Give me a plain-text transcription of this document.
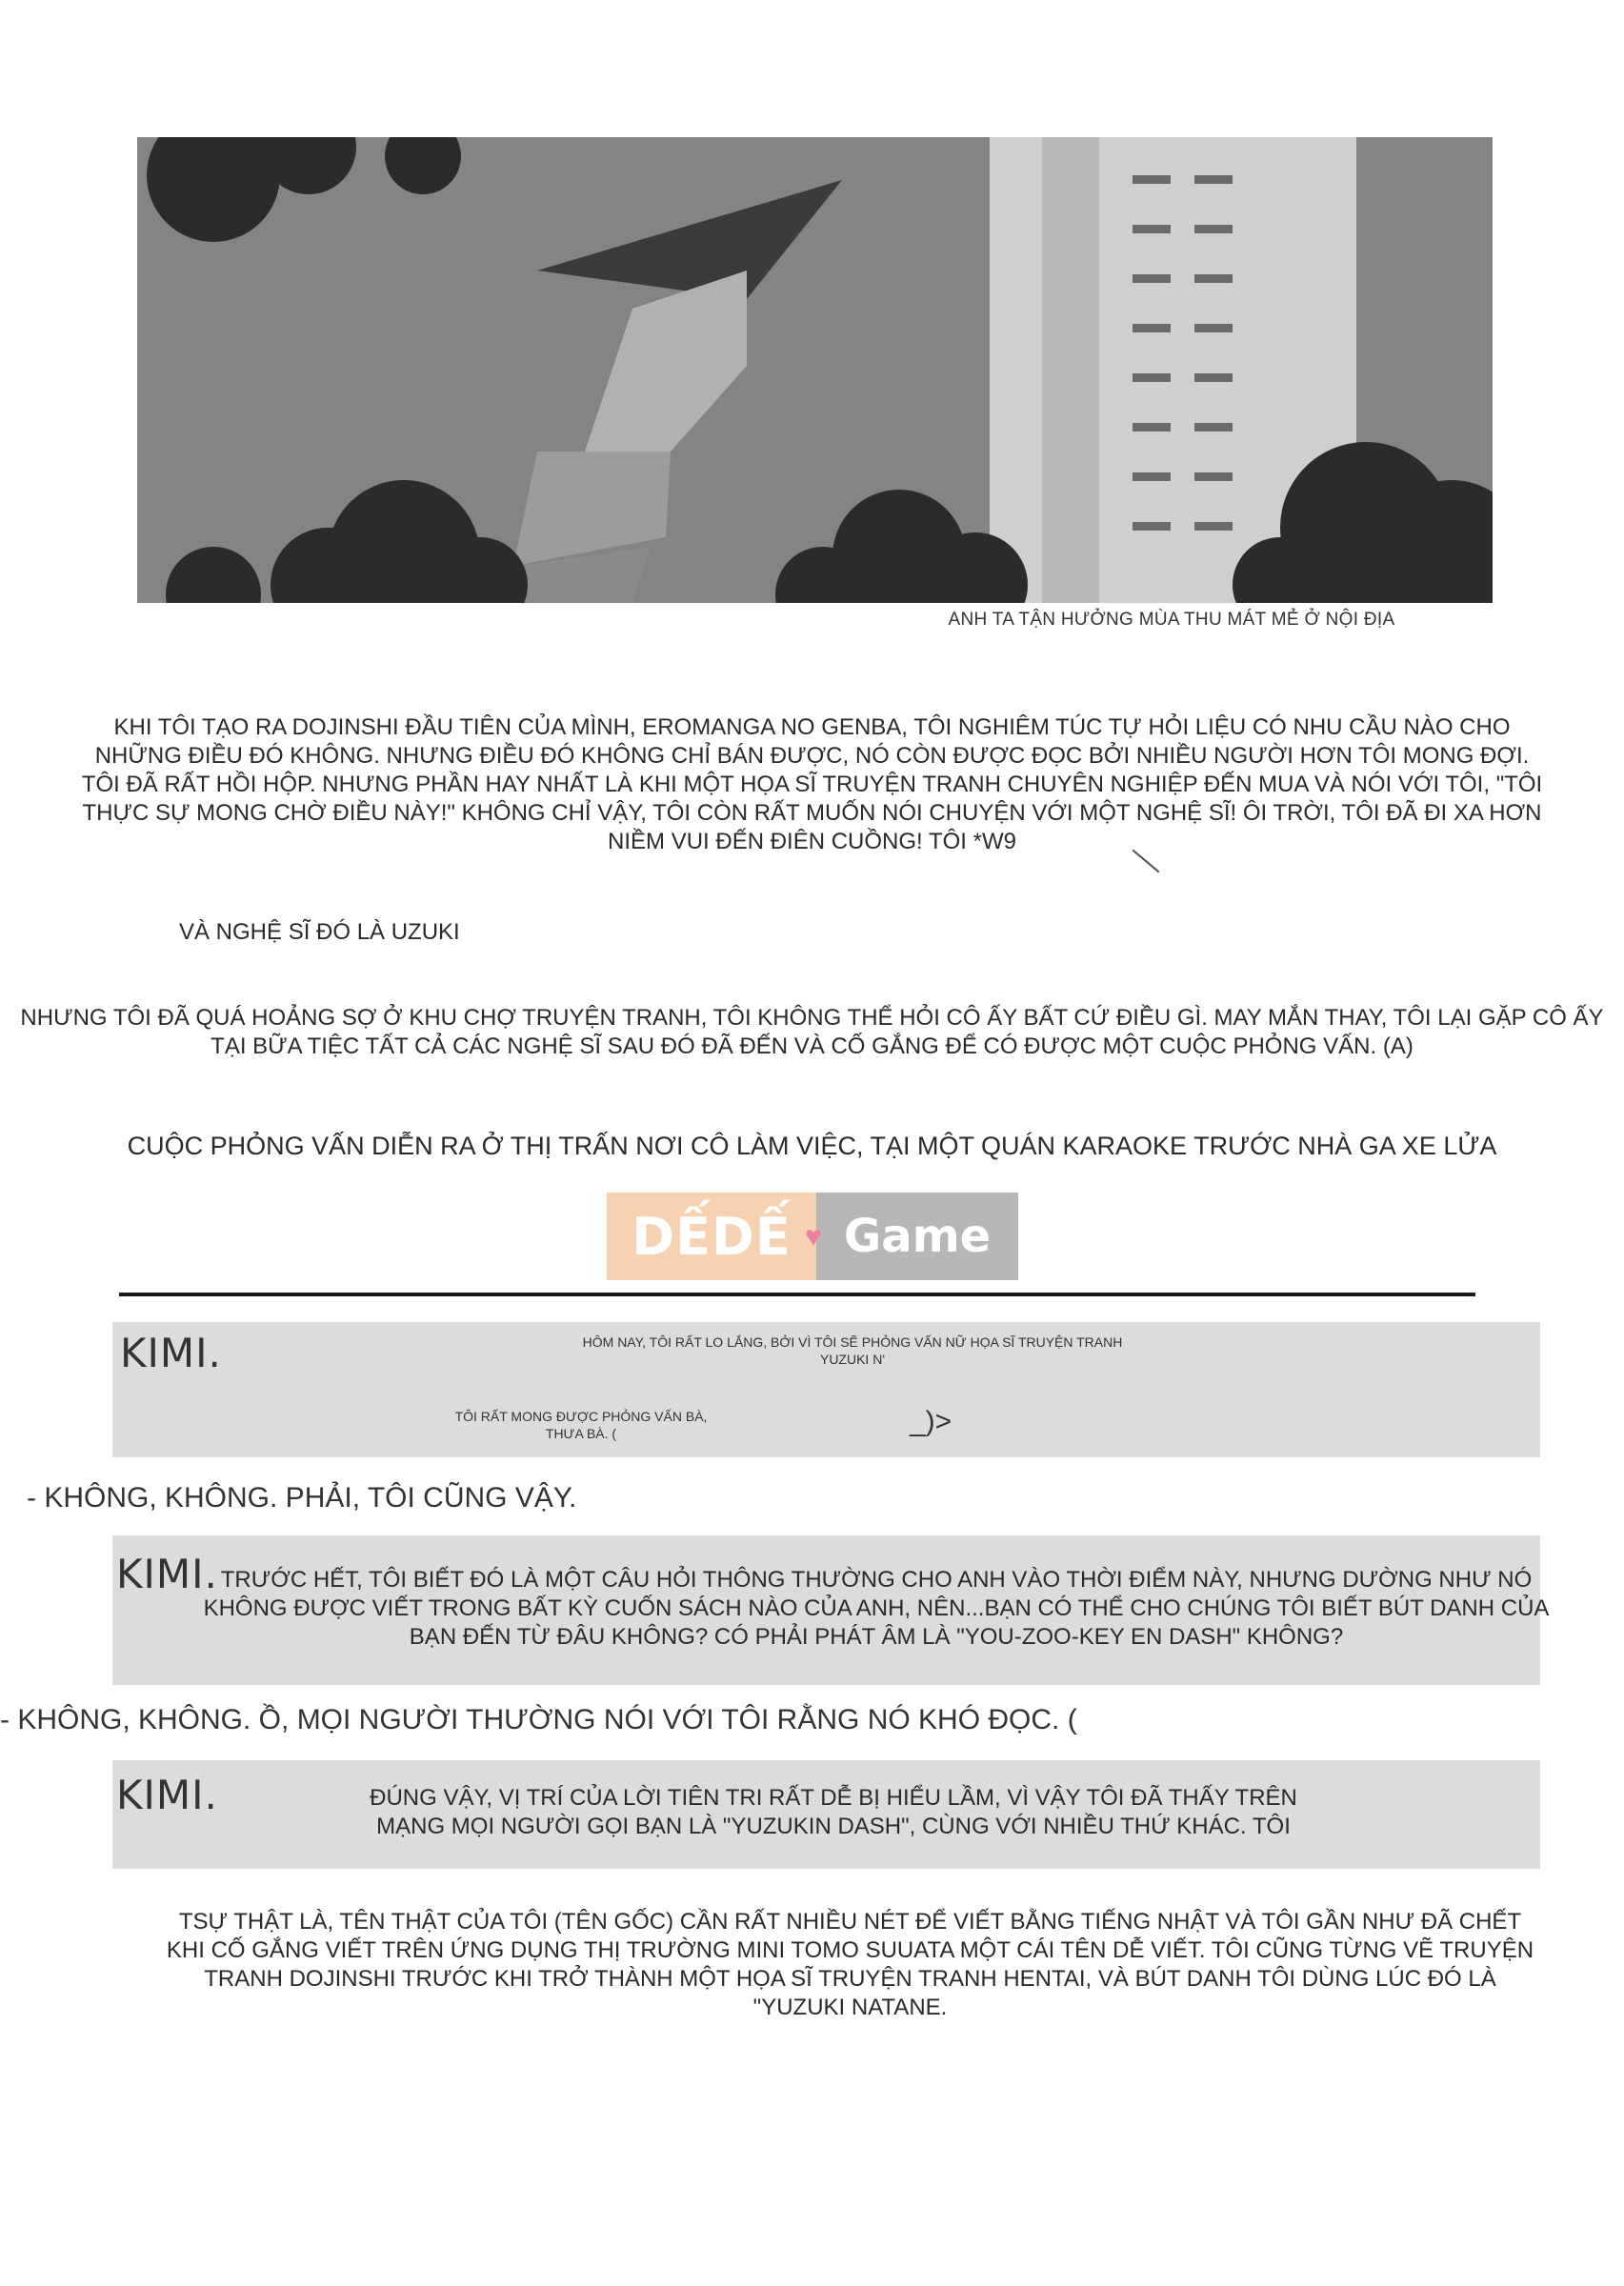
ANH TA TẬN HƯỞNG MÙA THU MÁT MẺ Ở NỘI ĐỊA
KHI TÔI TẠO RA DOJINSHI ĐẦU TIÊN CỦA MÌNH, EROMANGA NO GENBA, TÔI NGHIÊM TÚC TỰ HỎI LIỆU CÓ NHU CẦU NÀO CHO NHỮNG ĐIỀU ĐÓ KHÔNG. NHƯNG ĐIỀU ĐÓ KHÔNG CHỈ BÁN ĐƯỢC, NÓ CÒN ĐƯỢC ĐỌC BỞI NHIỀU NGƯỜI HƠN TÔI MONG ĐỢI. TÔI ĐÃ RẤT HỒI HỘP. NHƯNG PHẦN HAY NHẤT LÀ KHI MỘT HỌA SĨ TRUYỆN TRANH CHUYÊN NGHIỆP ĐẾN MUA VÀ NÓI VỚI TÔI, "TÔI THỰC SỰ MONG CHỜ ĐIỀU NÀY!" KHÔNG CHỈ VẬY, TÔI CÒN RẤT MUỐN NÓI CHUYỆN VỚI MỘT NGHỆ SĨ! ÔI TRỜI, TÔI ĐÃ ĐI XA HƠN NIỀM VUI ĐẾN ĐIÊN CUỒNG! TÔI *W9
VÀ NGHỆ SĨ ĐÓ LÀ UZUKI
NHƯNG TÔI ĐÃ QUÁ HOẢNG SỢ Ở KHU CHỢ TRUYỆN TRANH, TÔI KHÔNG THỂ HỎI CÔ ẤY BẤT CỨ ĐIỀU GÌ. MAY MẮN THAY, TÔI LẠI GẶP CÔ ẤY TẠI BỮA TIỆC TẤT CẢ CÁC NGHỆ SĨ SAU ĐÓ ĐÃ ĐẾN VÀ CỐ GẮNG ĐỂ CÓ ĐƯỢC MỘT CUỘC PHỎNG VẤN. (A)
CUỘC PHỎNG VẤN DIỄN RA Ở THỊ TRẤN NƠI CÔ LÀM VIỆC, TẠI MỘT QUÁN KARAOKE TRƯỚC NHÀ GA XE LỬA
DẾDẾ ♥ Game
KIMI.	HÔM NAY, TÔI RẤT LO LẮNG, BỞI VÌ TÔI SẼ PHỎNG VẤN NỮ HỌA SĨ TRUYỆN TRANH YUZUKI N'
TÔI RẤT MONG ĐƯỢC PHỎNG VẤN BÀ, THƯA BÀ. (	_)>
- KHÔNG, KHÔNG. PHẢI, TÔI CŨNG VẬY.
KIMI. TRƯỚC HẾT, TÔI BIẾT ĐÓ LÀ MỘT CÂU HỎI THÔNG THƯỜNG CHO ANH VÀO THỜI ĐIỂM NÀY, NHƯNG DƯỜNG NHƯ NÓ KHÔNG ĐƯỢC VIẾT TRONG BẤT KỲ CUỐN SÁCH NÀO CỦA ANH, NÊN...BẠN CÓ THỂ CHO CHÚNG TÔI BIẾT BÚT DANH CỦA BẠN ĐẾN TỪ ĐÂU KHÔNG? CÓ PHẢI PHÁT ÂM LÀ "YOU-ZOO-KEY EN DASH" KHÔNG?
- KHÔNG, KHÔNG. Ồ, MỌI NGƯỜI THƯỜNG NÓI VỚI TÔI RẰNG NÓ KHÓ ĐỌC. (
KIMI.	ĐÚNG VẬY, VỊ TRÍ CỦA LỜI TIÊN TRI RẤT DỄ BỊ HIỂU LẦM, VÌ VẬY TÔI ĐÃ THẤY TRÊN MẠNG MỌI NGƯỜI GỌI BẠN LÀ "YUZUKIN DASH", CÙNG VỚI NHIỀU THỨ KHÁC. TÔI
TSỰ THẬT LÀ, TÊN THẬT CỦA TÔI (TÊN GỐC) CẦN RẤT NHIỀU NÉT ĐỂ VIẾT BẰNG TIẾNG NHẬT VÀ TÔI GẦN NHƯ ĐÃ CHẾT KHI CỐ GẮNG VIẾT TRÊN ỨNG DỤNG THỊ TRƯỜNG MINI TOMO SUUATA MỘT CÁI TÊN DỄ VIẾT. TÔI CŨNG TỪNG VẼ TRUYỆN TRANH DOJINSHI TRƯỚC KHI TRỞ THÀNH MỘT HỌA SĨ TRUYỆN TRANH HENTAI, VÀ BÚT DANH TÔI DÙNG LÚC ĐÓ LÀ "YUZUKI NATANE.
